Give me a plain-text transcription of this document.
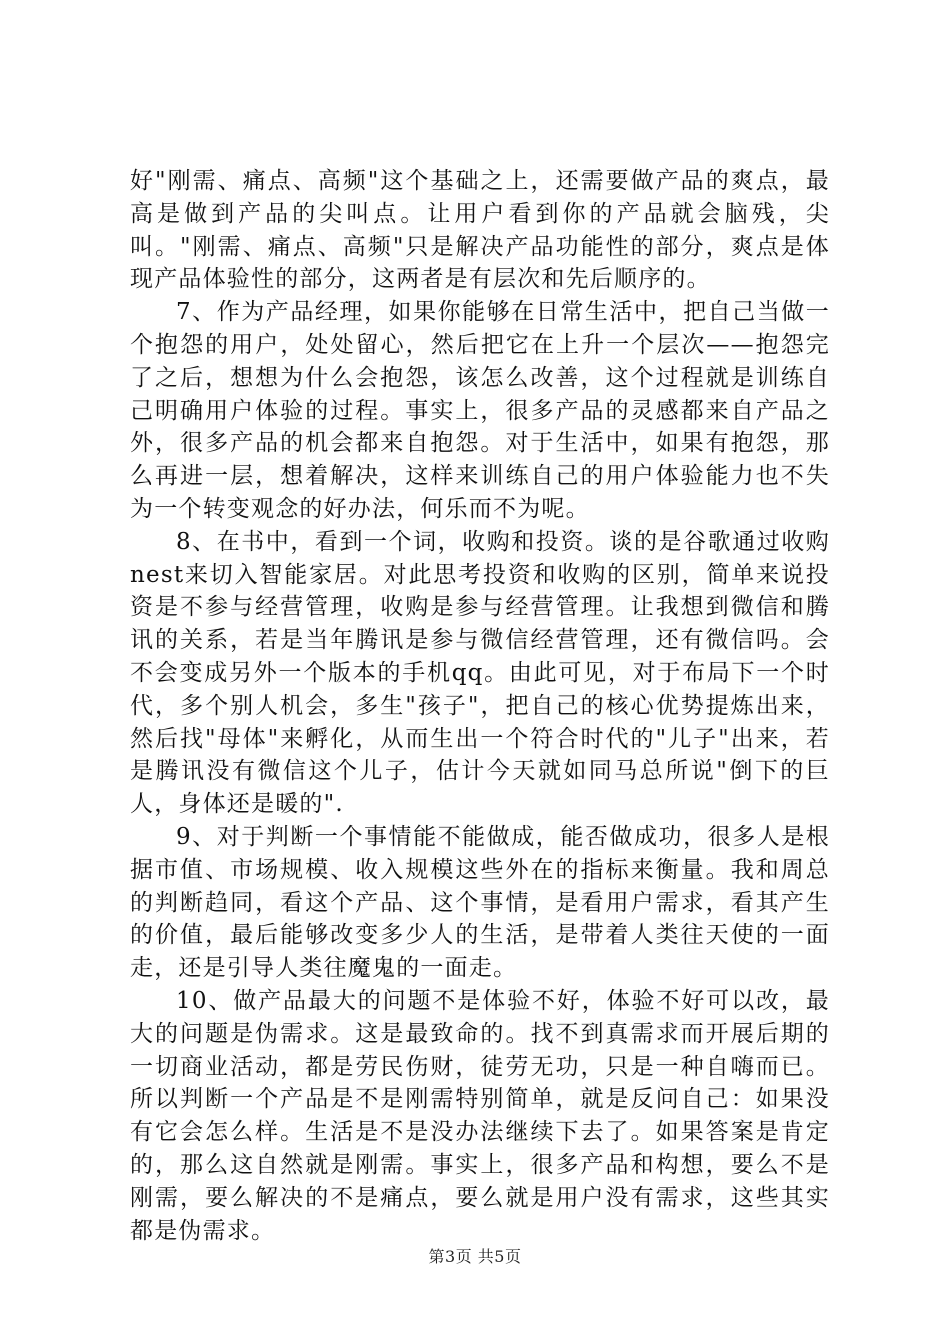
好"刚需、痛点、高频"这个基础之上，还需要做产品的爽点，最高是做到产品的尖叫点。让用户看到你的产品就会脑残，尖叫。"刚需、痛点、高频"只是解决产品功能性的部分，爽点是体现产品体验性的部分，这两者是有层次和先后顺序的。

7、作为产品经理，如果你能够在日常生活中，把自己当做一个抱怨的用户，处处留心，然后把它在上升一个层次——抱怨完了之后，想想为什么会抱怨，该怎么改善，这个过程就是训练自己明确用户体验的过程。事实上，很多产品的灵感都来自产品之外，很多产品的机会都来自抱怨。对于生活中，如果有抱怨，那么再进一层，想着解决，这样来训练自己的用户体验能力也不失为一个转变观念的好办法，何乐而不为呢。

8、在书中，看到一个词，收购和投资。谈的是谷歌通过收购nest来切入智能家居。对此思考投资和收购的区别，简单来说投资是不参与经营管理，收购是参与经营管理。让我想到微信和腾讯的关系，若是当年腾讯是参与微信经营管理，还有微信吗。会不会变成另外一个版本的手机qq。由此可见，对于布局下一个时代，多个别人机会，多生"孩子"，把自己的核心优势提炼出来，然后找"母体"来孵化，从而生出一个符合时代的"儿子"出来，若是腾讯没有微信这个儿子，估计今天就如同马总所说"倒下的巨人，身体还是暖的".

9、对于判断一个事情能不能做成，能否做成功，很多人是根据市值、市场规模、收入规模这些外在的指标来衡量。我和周总的判断趋同，看这个产品、这个事情，是看用户需求，看其产生的价值，最后能够改变多少人的生活，是带着人类往天使的一面走，还是引导人类往魔鬼的一面走。

10、做产品最大的问题不是体验不好，体验不好可以改，最大的问题是伪需求。这是最致命的。找不到真需求而开展后期的一切商业活动，都是劳民伤财，徒劳无功，只是一种自嗨而已。所以判断一个产品是不是刚需特别简单，就是反问自己：如果没有它会怎么样。生活是不是没办法继续下去了。如果答案是肯定的，那么这自然就是刚需。事实上，很多产品和构想，要么不是刚需，要么解决的不是痛点，要么就是用户没有需求，这些其实都是伪需求。

第3页 共5页
